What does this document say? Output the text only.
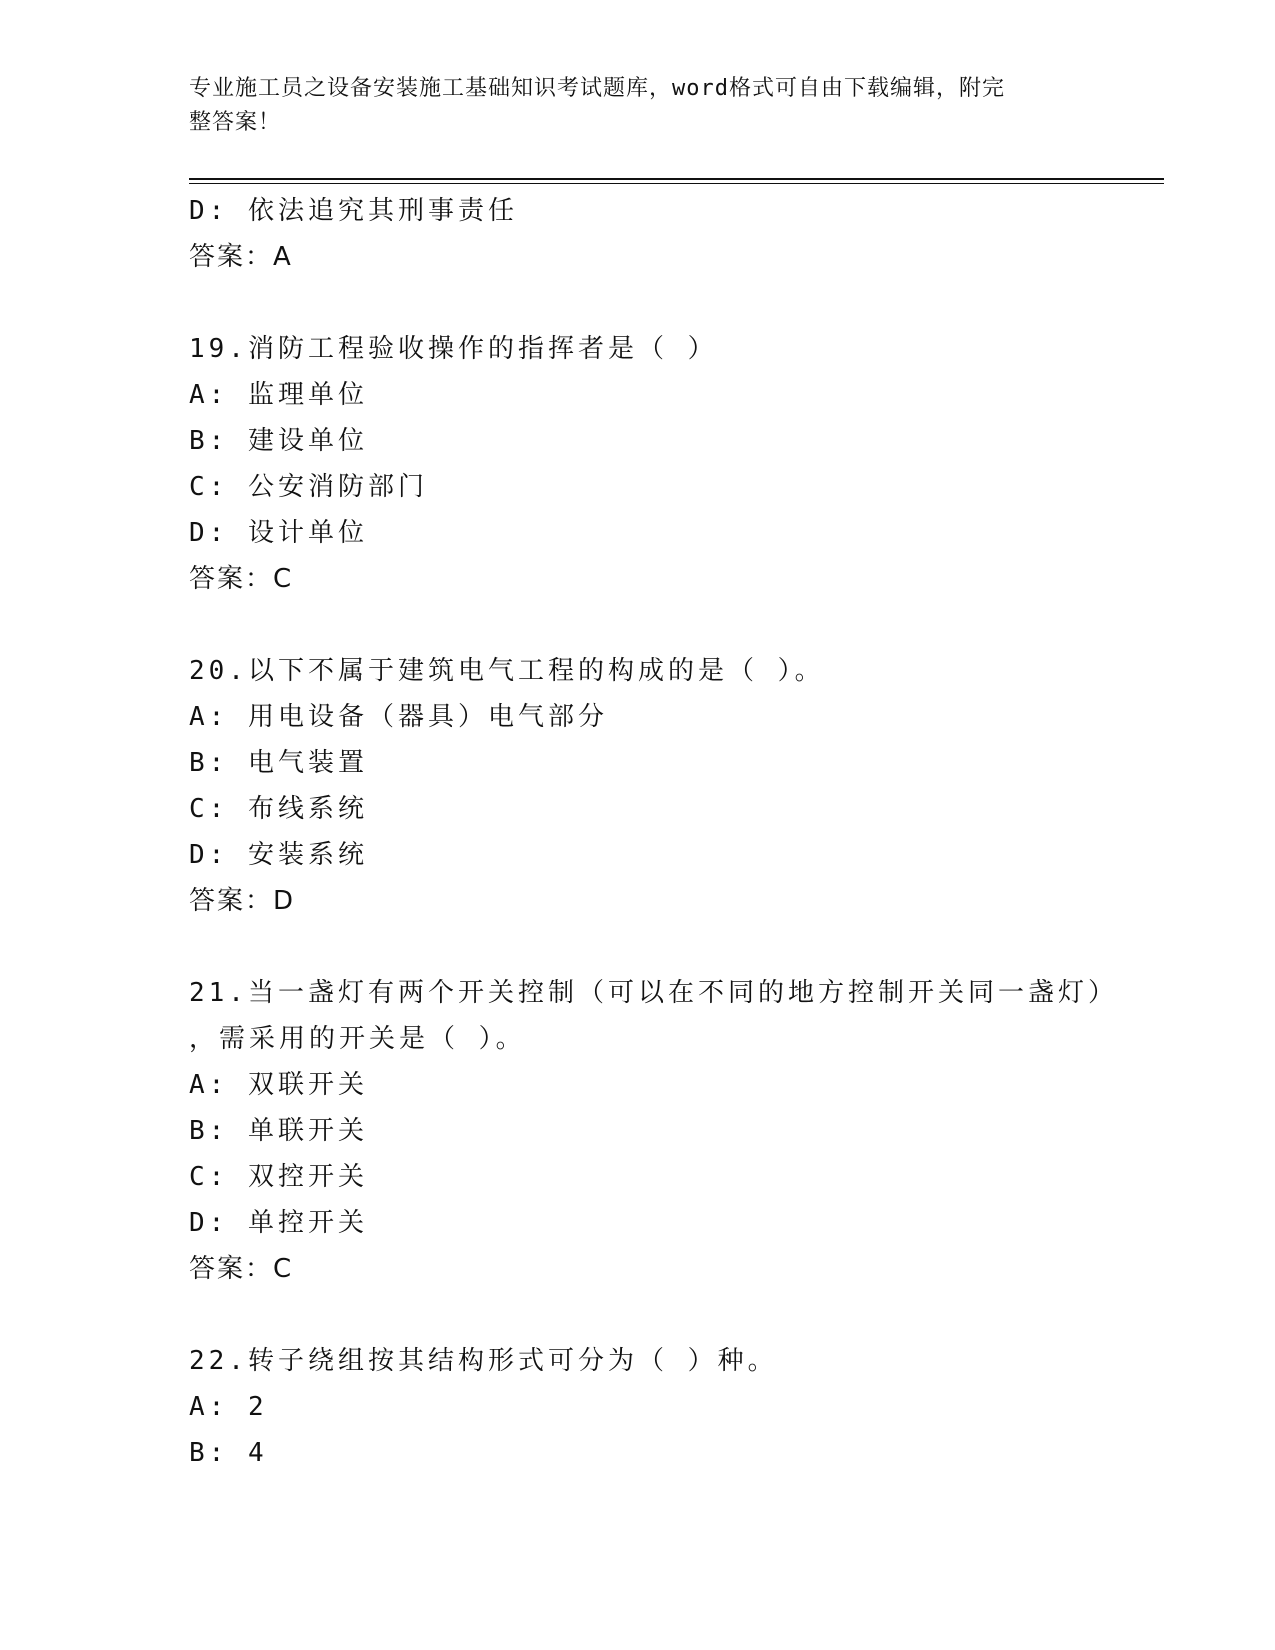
专业施工员之设备安装施工基础知识考试题库，word格式可自由下载编辑，附完
整答案！
D: 依法追究其刑事责任
答案：A
19.消防工程验收操作的指挥者是（ ）
A: 监理单位
B: 建设单位
C: 公安消防部门
D: 设计单位
答案：C
20.以下不属于建筑电气工程的构成的是（ ）。
A: 用电设备（器具）电气部分
B: 电气装置
C: 布线系统
D: 安装系统
答案：D
21.当一盏灯有两个开关控制（可以在不同的地方控制开关同一盏灯）
，需采用的开关是（ ）。
A: 双联开关
B: 单联开关
C: 双控开关
D: 单控开关
答案：C
22.转子绕组按其结构形式可分为（ ）种。
A: 2
B: 4
